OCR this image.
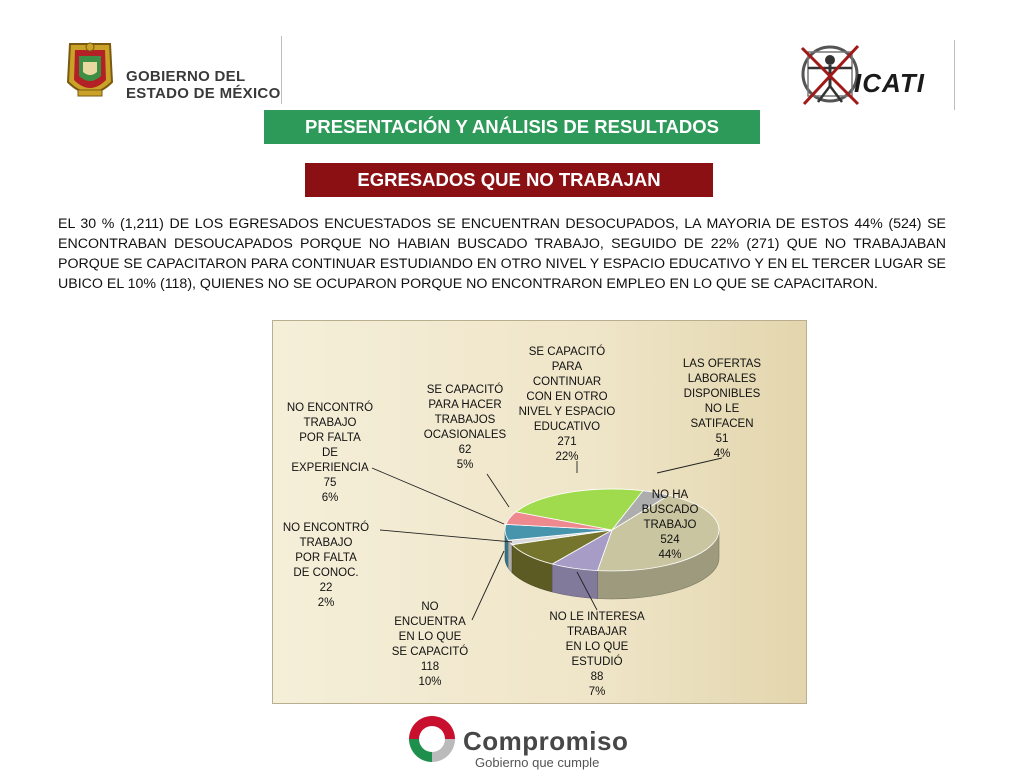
GOBIERNO DEL
ESTADO DE MÉXICO	ICATI
PRESENTACIÓN Y ANÁLISIS DE RESULTADOS
EGRESADOS QUE NO TRABAJAN
EL 30 % (1,211) DE LOS EGRESADOS ENCUESTADOS SE ENCUENTRAN DESOCUPADOS, LA MAYORIA DE ESTOS 44% (524) SE ENCONTRABAN DESOUCAPADOS PORQUE NO HABIAN BUSCADO TRABAJO, SEGUIDO DE 22% (271) QUE NO TRABAJABAN PORQUE SE CAPACITARON PARA CONTINUAR ESTUDIANDO EN OTRO NIVEL Y ESPACIO EDUCATIVO Y EN EL TERCER LUGAR SE UBICO EL 10% (118), QUIENES NO SE OCUPARON PORQUE NO ENCONTRARON EMPLEO EN LO QUE SE CAPACITARON.
NO HA
BUSCADO
TRABAJO
524
44%
NO LE INTERESA
TRABAJAR
EN LO QUE
ESTUDIÓ
88
7%
NO
ENCUENTRA
EN LO QUE
SE CAPACITÓ
118
10%
NO ENCONTRÓ
TRABAJO
POR FALTA
DE CONOC.
22
2%
NO ENCONTRÓ
TRABAJO
POR FALTA
DE
EXPERIENCIA
75
6%
SE CAPACITÓ
PARA HACER
TRABAJOS
OCASIONALES
62
5%
SE CAPACITÓ
PARA
CONTINUAR
CON EN OTRO
NIVEL Y ESPACIO
EDUCATIVO
271
22%
LAS OFERTAS
LABORALES
DISPONIBLES
NO LE
SATIFACEN
51
4%
Compromiso
Gobierno que cumple
